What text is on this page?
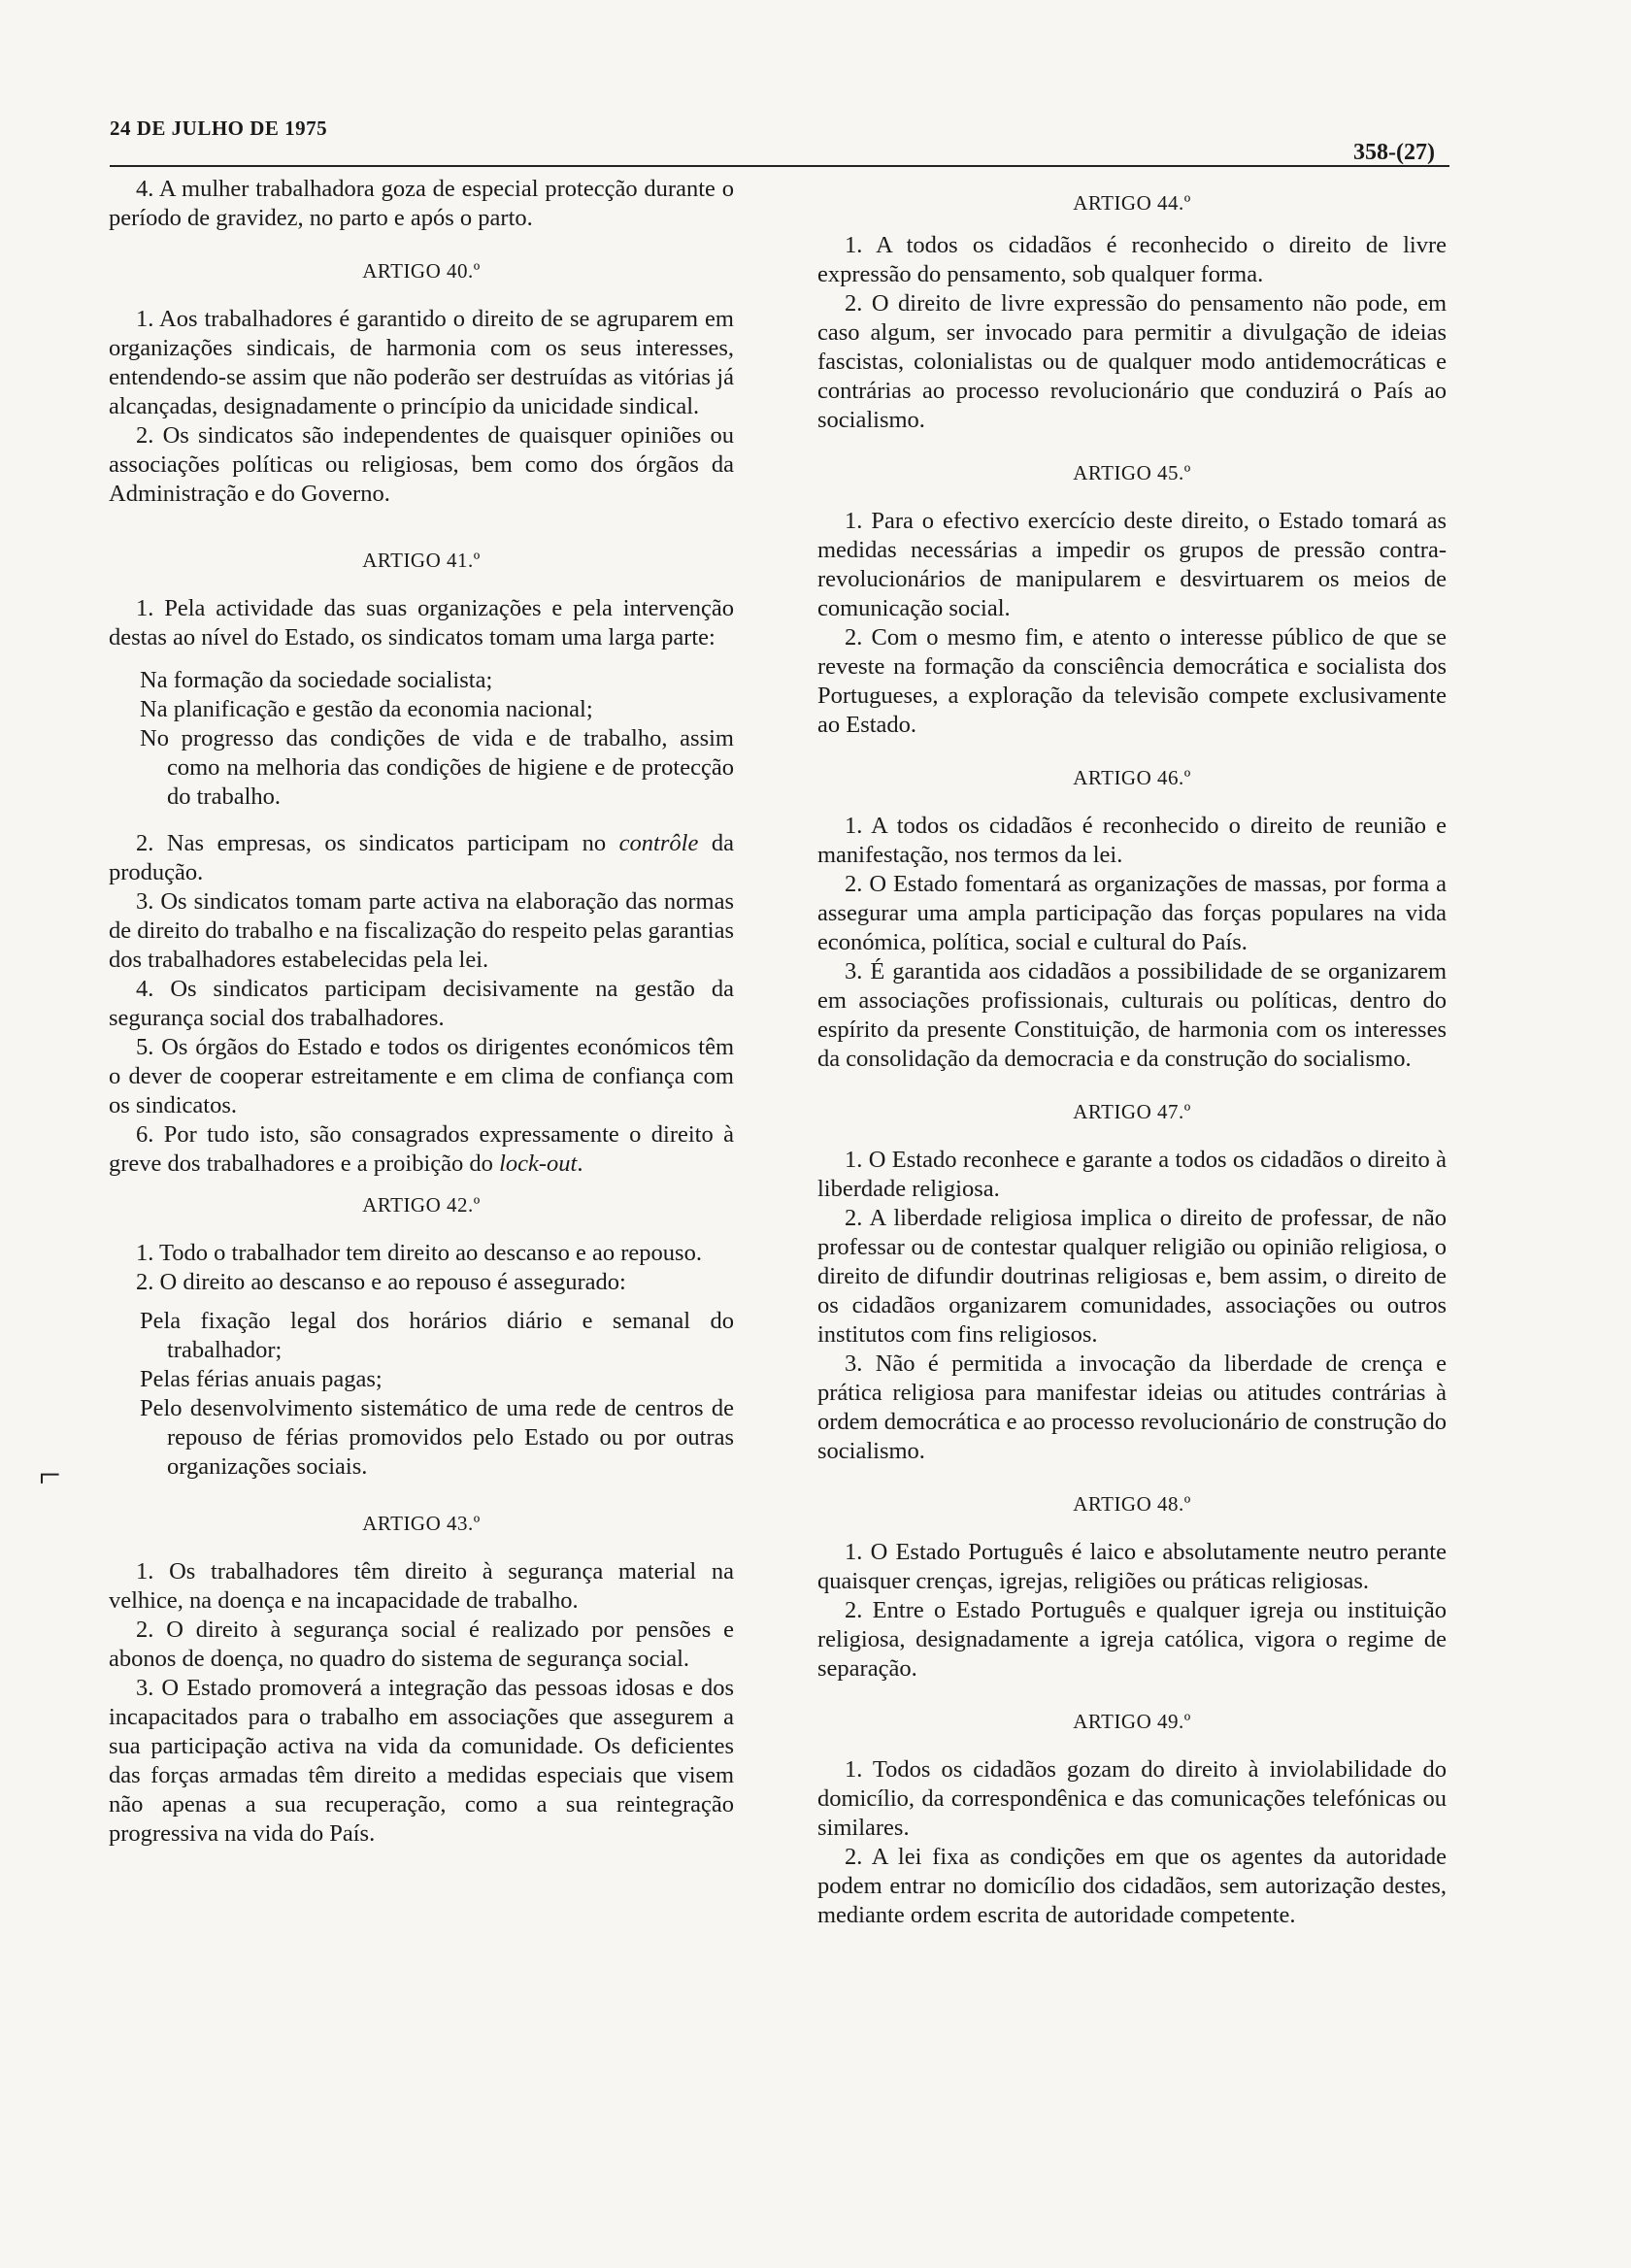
24 DE JULHO DE 1975
358-(27)
⌐

4. A mulher trabalhadora goza de especial protecção durante o período de gravidez, no parto e após o parto.

ARTIGO 40.º

1. Aos trabalhadores é garantido o direito de se agruparem em organizações sindicais, de harmonia com os seus interesses, entendendo-se assim que não poderão ser destruídas as vitórias já alcançadas, designadamente o princípio da unicidade sindical.

2. Os sindicatos são independentes de quaisquer opiniões ou associações políticas ou religiosas, bem como dos órgãos da Administração e do Governo.

ARTIGO 41.º

1. Pela actividade das suas organizações e pela intervenção destas ao nível do Estado, os sindicatos tomam uma larga parte:

Na formação da sociedade socialista;
Na planificação e gestão da economia nacional;
No progresso das condições de vida e de trabalho, assim como na melhoria das condições de higiene e de protecção do trabalho.

2. Nas empresas, os sindicatos participam no contrôle da produção.

3. Os sindicatos tomam parte activa na elaboração das normas de direito do trabalho e na fiscalização do respeito pelas garantias dos trabalhadores estabelecidas pela lei.

4. Os sindicatos participam decisivamente na gestão da segurança social dos trabalhadores.

5. Os órgãos do Estado e todos os dirigentes económicos têm o dever de cooperar estreitamente e em clima de confiança com os sindicatos.

6. Por tudo isto, são consagrados expressamente o direito à greve dos trabalhadores e a proibição do lock-out.

ARTIGO 42.º

1. Todo o trabalhador tem direito ao descanso e ao repouso.

2. O direito ao descanso e ao repouso é assegurado:

Pela fixação legal dos horários diário e semanal do trabalhador;
Pelas férias anuais pagas;
Pelo desenvolvimento sistemático de uma rede de centros de repouso de férias promovidos pelo Estado ou por outras organizações sociais.
ARTIGO 43.º

1. Os trabalhadores têm direito à segurança material na velhice, na doença e na incapacidade de trabalho.

2. O direito à segurança social é realizado por pensões e abonos de doença, no quadro do sistema de segurança social.

3. O Estado promoverá a integração das pessoas idosas e dos incapacitados para o trabalho em associações que assegurem a sua participação activa na vida da comunidade. Os deficientes das forças armadas têm direito a medidas especiais que visem não apenas a sua recuperação, como a sua reintegração progressiva na vida do País.

ARTIGO 44.º

1. A todos os cidadãos é reconhecido o direito de livre expressão do pensamento, sob qualquer forma.

2. O direito de livre expressão do pensamento não pode, em caso algum, ser invocado para permitir a divulgação de ideias fascistas, colonialistas ou de qualquer modo antidemocráticas e contrárias ao processo revolucionário que conduzirá o País ao socialismo.

ARTIGO 45.º

1. Para o efectivo exercício deste direito, o Estado tomará as medidas necessárias a impedir os grupos de pressão contra-revolucionários de manipularem e desvirtuarem os meios de comunicação social.

2. Com o mesmo fim, e atento o interesse público de que se reveste na formação da consciência democrática e socialista dos Portugueses, a exploração da televisão compete exclusivamente ao Estado.

ARTIGO 46.º

1. A todos os cidadãos é reconhecido o direito de reunião e manifestação, nos termos da lei.

2. O Estado fomentará as organizações de massas, por forma a assegurar uma ampla participação das forças populares na vida económica, política, social e cultural do País.

3. É garantida aos cidadãos a possibilidade de se organizarem em associações profissionais, culturais ou políticas, dentro do espírito da presente Constituição, de harmonia com os interesses da consolidação da democracia e da construção do socialismo.

ARTIGO 47.º

1. O Estado reconhece e garante a todos os cidadãos o direito à liberdade religiosa.

2. A liberdade religiosa implica o direito de professar, de não professar ou de contestar qualquer religião ou opinião religiosa, o direito de difundir doutrinas religiosas e, bem assim, o direito de os cidadãos organizarem comunidades, associações ou outros institutos com fins religiosos.

3. Não é permitida a invocação da liberdade de crença e prática religiosa para manifestar ideias ou atitudes contrárias à ordem democrática e ao processo revolucionário de construção do socialismo.

ARTIGO 48.º

1. O Estado Português é laico e absolutamente neutro perante quaisquer crenças, igrejas, religiões ou práticas religiosas.

2. Entre o Estado Português e qualquer igreja ou instituição religiosa, designadamente a igreja católica, vigora o regime de separação.

ARTIGO 49.º

1. Todos os cidadãos gozam do direito à inviolabilidade do domicílio, da correspondênica e das comunicações telefónicas ou similares.

2. A lei fixa as condições em que os agentes da autoridade podem entrar no domicílio dos cidadãos, sem autorização destes, mediante ordem escrita de autoridade competente.
